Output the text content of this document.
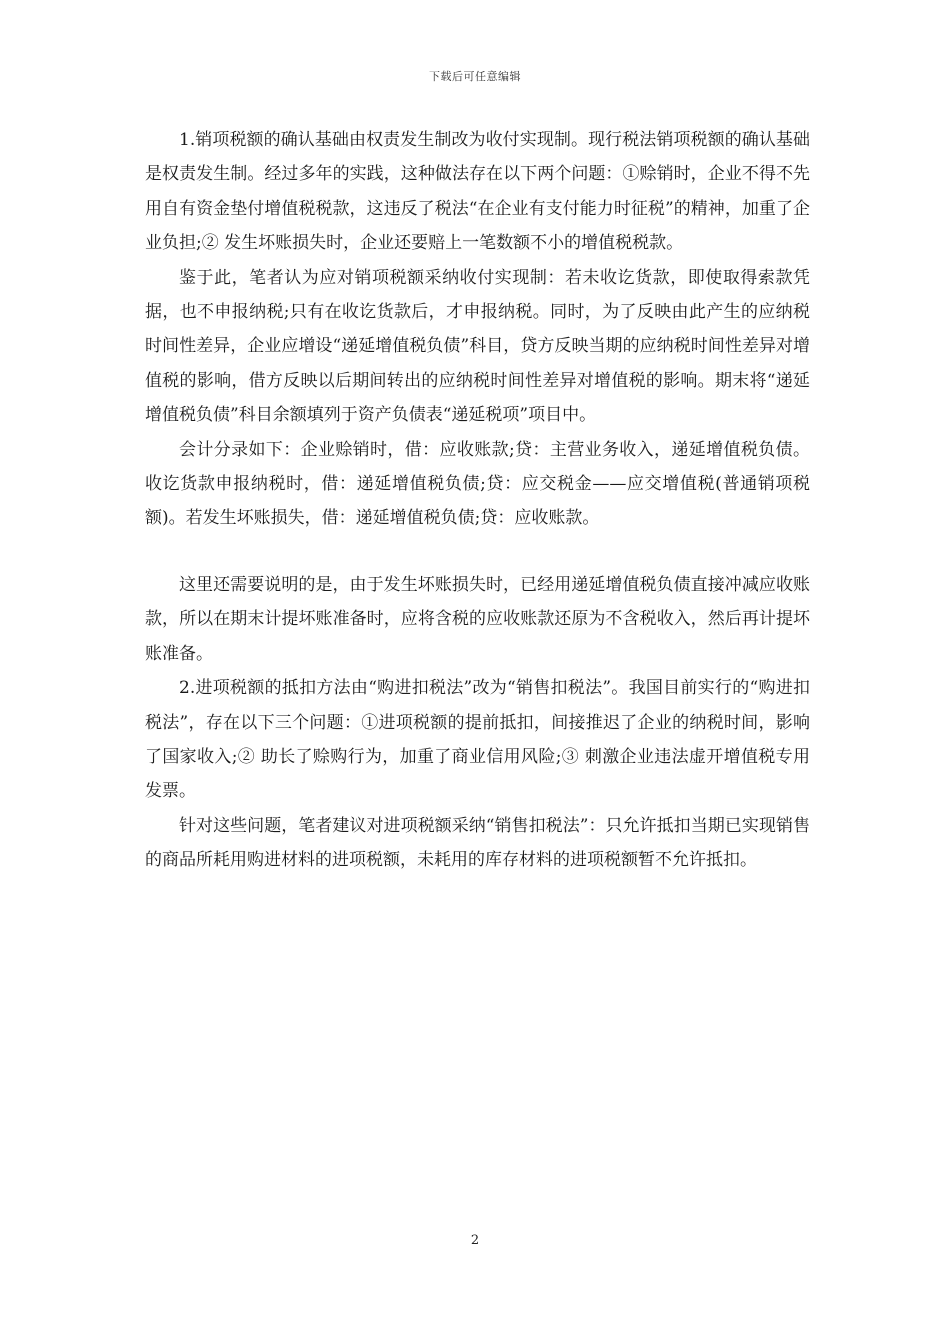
下载后可任意编辑

1.销项税额的确认基础由权责发生制改为收付实现制。现行税法销项税额的确认基础是权责发生制。经过多年的实践，这种做法存在以下两个问题：①赊销时，企业不得不先用自有资金垫付增值税税款，这违反了税法“在企业有支付能力时征税”的精神，加重了企业负担;② 发生坏账损失时，企业还要赔上一笔数额不小的增值税税款。

鉴于此，笔者认为应对销项税额采纳收付实现制：若未收讫货款，即使取得索款凭据，也不申报纳税;只有在收讫货款后，才申报纳税。同时，为了反映由此产生的应纳税时间性差异，企业应增设“递延增值税负债”科目，贷方反映当期的应纳税时间性差异对增值税的影响，借方反映以后期间转出的应纳税时间性差异对增值税的影响。期末将“递延增值税负债”科目余额填列于资产负债表“递延税项”项目中。

会计分录如下：企业赊销时，借：应收账款;贷：主营业务收入，递延增值税负债。收讫货款申报纳税时，借：递延增值税负债;贷：应交税金——应交增值税(普通销项税额)。若发生坏账损失，借：递延增值税负债;贷：应收账款。

这里还需要说明的是，由于发生坏账损失时，已经用递延增值税负债直接冲减应收账款，所以在期末计提坏账准备时，应将含税的应收账款还原为不含税收入，然后再计提坏账准备。

2.进项税额的抵扣方法由“购进扣税法”改为“销售扣税法”。我国目前实行的“购进扣税法”，存在以下三个问题：①进项税额的提前抵扣，间接推迟了企业的纳税时间，影响了国家收入;② 助长了赊购行为，加重了商业信用风险;③ 刺激企业违法虚开增值税专用发票。

针对这些问题，笔者建议对进项税额采纳“销售扣税法”：只允许抵扣当期已实现销售的商品所耗用购进材料的进项税额，未耗用的库存材料的进项税额暂不允许抵扣。

2
